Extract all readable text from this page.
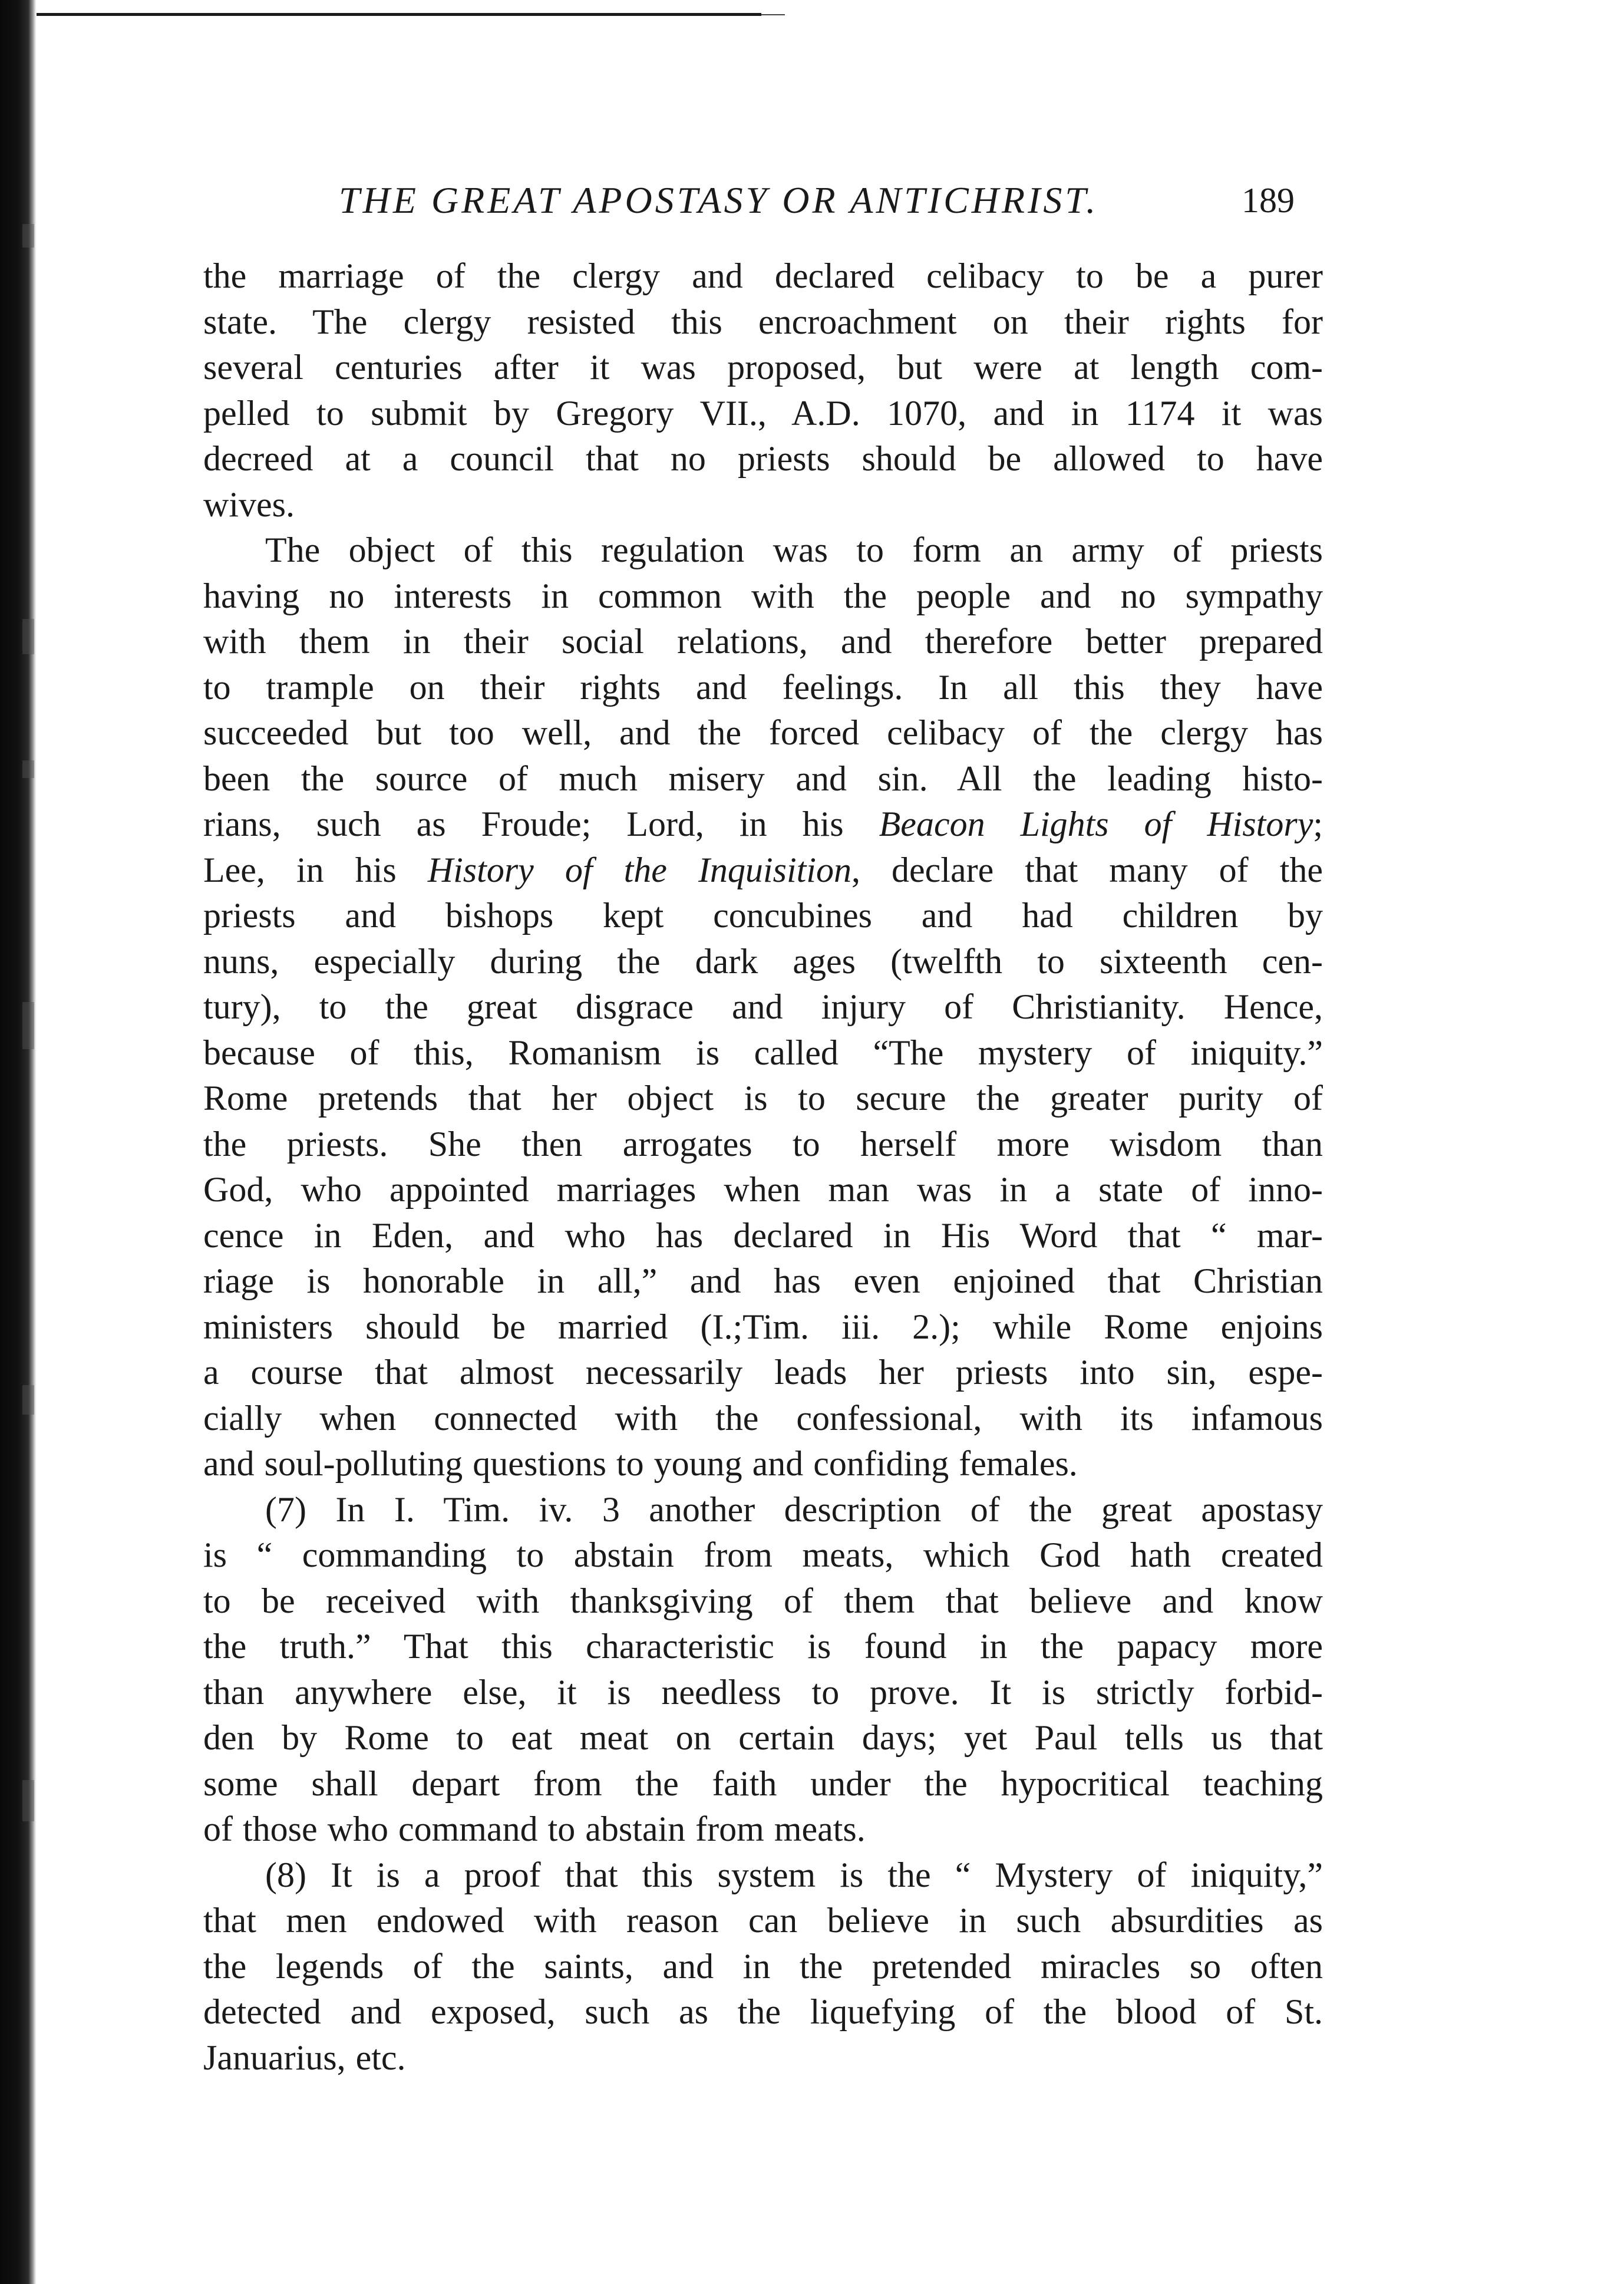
THE GREAT APOSTASY OR ANTICHRIST.	189
the marriage of the clergy and declared celibacy to be a purer
state. The clergy resisted this encroachment on their rights for
several centuries after it was proposed, but were at length com-
pelled to submit by Gregory VII., A.D. 1070, and in 1174 it was
decreed at a council that no priests should be allowed to have
wives.
The object of this regulation was to form an army of priests
having no interests in common with the people and no sympathy
with them in their social relations, and therefore better prepared
to trample on their rights and feelings. In all this they have
succeeded but too well, and the forced celibacy of the clergy has
been the source of much misery and sin. All the leading histo-
rians, such as Froude; Lord, in his Beacon Lights of History;
Lee, in his History of the Inquisition, declare that many of the
priests and bishops kept concubines and had children by
nuns, especially during the dark ages (twelfth to sixteenth cen-
tury), to the great disgrace and injury of Christianity. Hence,
because of this, Romanism is called “The mystery of iniquity.”
Rome pretends that her object is to secure the greater purity of
the priests. She then arrogates to herself more wisdom than
God, who appointed marriages when man was in a state of inno-
cence in Eden, and who has declared in His Word that “ mar-
riage is honorable in all,” and has even enjoined that Christian
ministers should be married (I.;Tim. iii. 2.); while Rome enjoins
a course that almost necessarily leads her priests into sin, espe-
cially when connected with the confessional, with its infamous
and soul-polluting questions to young and confiding females.
(7) In I. Tim. iv. 3 another description of the great apostasy
is “ commanding to abstain from meats, which God hath created
to be received with thanksgiving of them that believe and know
the truth.” That this characteristic is found in the papacy more
than anywhere else, it is needless to prove. It is strictly forbid-
den by Rome to eat meat on certain days; yet Paul tells us that
some shall depart from the faith under the hypocritical teaching
of those who command to abstain from meats.
(8) It is a proof that this system is the “ Mystery of iniquity,”
that men endowed with reason can believe in such absurdities as
the legends of the saints, and in the pretended miracles so often
detected and exposed, such as the liquefying of the blood of St.
Januarius, etc.
